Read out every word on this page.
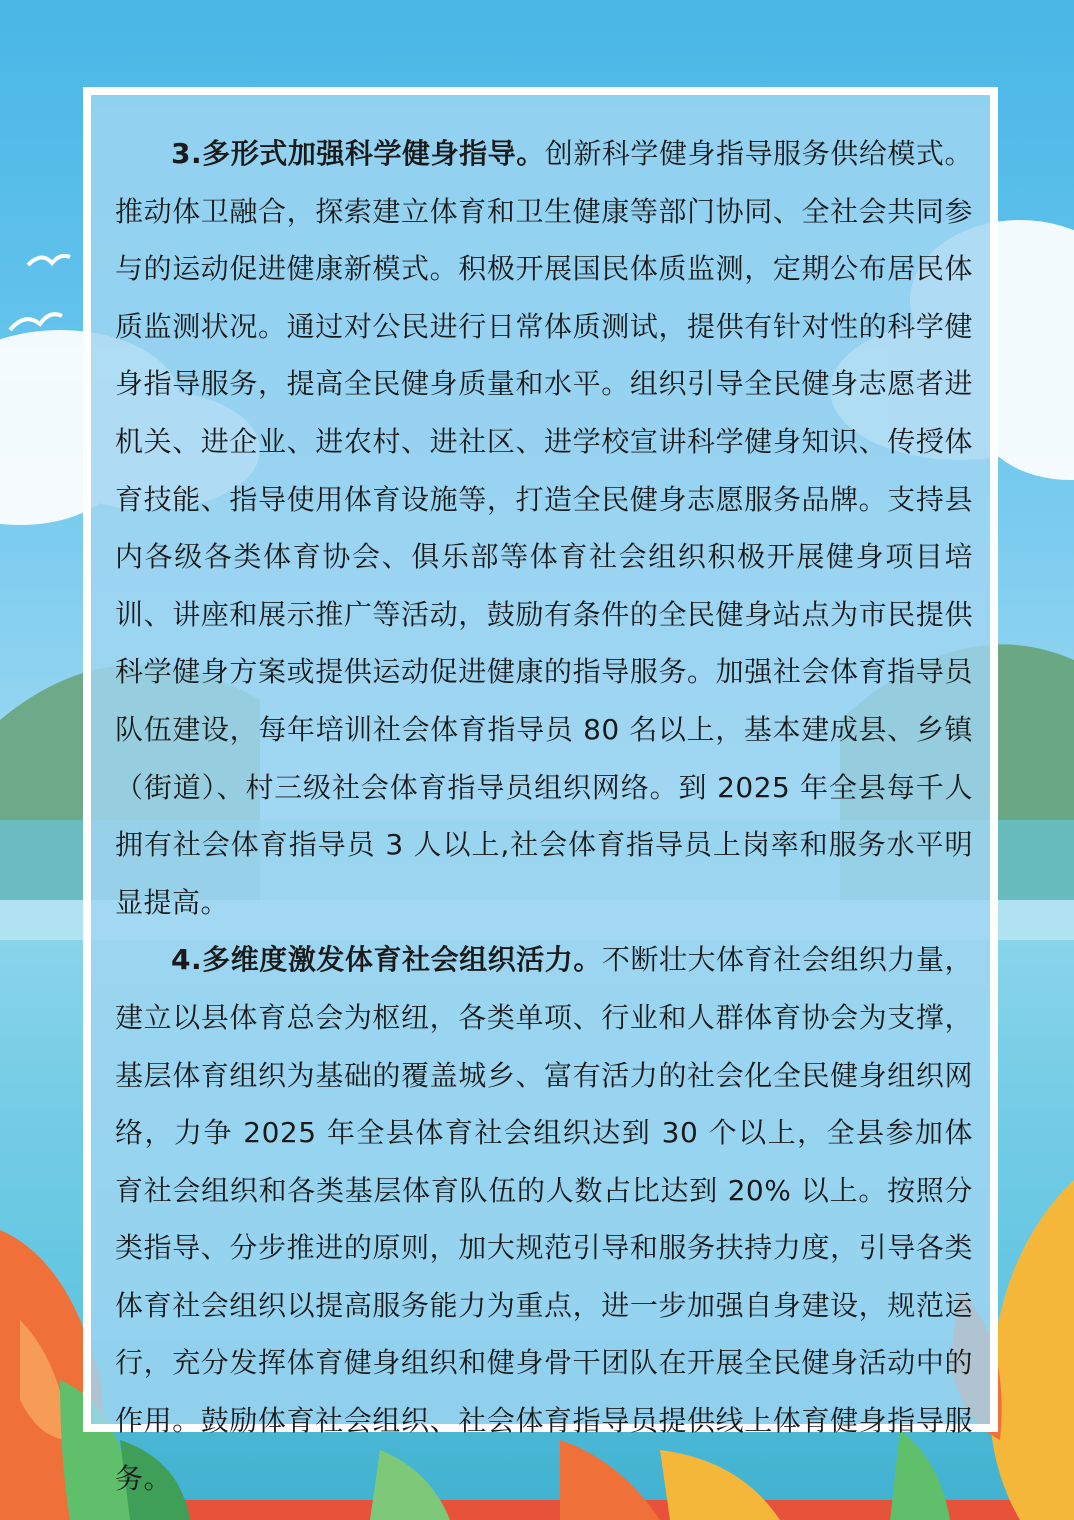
3.多形式加强科学健身指导。创新科学健身指导服务供给模式。推动体卫融合，探索建立体育和卫生健康等部门协同、全社会共同参与的运动促进健康新模式。积极开展国民体质监测，定期公布居民体质监测状况。通过对公民进行日常体质测试，提供有针对性的科学健身指导服务，提高全民健身质量和水平。组织引导全民健身志愿者进机关、进企业、进农村、进社区、进学校宣讲科学健身知识、传授体育技能、指导使用体育设施等，打造全民健身志愿服务品牌。支持县内各级各类体育协会、俱乐部等体育社会组织积极开展健身项目培训、讲座和展示推广等活动，鼓励有条件的全民健身站点为市民提供科学健身方案或提供运动促进健康的指导服务。加强社会体育指导员队伍建设，每年培训社会体育指导员 80 名以上，基本建成县、乡镇（街道）、村三级社会体育指导员组织网络。到 2025 年全县每千人拥有社会体育指导员 3 人以上,社会体育指导员上岗率和服务水平明显提高。

4.多维度激发体育社会组织活力。不断壮大体育社会组织力量，建立以县体育总会为枢纽，各类单项、行业和人群体育协会为支撑，基层体育组织为基础的覆盖城乡、富有活力的社会化全民健身组织网络，力争 2025 年全县体育社会组织达到 30 个以上，全县参加体育社会组织和各类基层体育队伍的人数占比达到 20% 以上。按照分类指导、分步推进的原则，加大规范引导和服务扶持力度，引导各类体育社会组织以提高服务能力为重点，进一步加强自身建设，规范运行，充分发挥体育健身组织和健身骨干团队在开展全民健身活动中的作用。鼓励体育社会组织、社会体育指导员提供线上体育健身指导服务。
